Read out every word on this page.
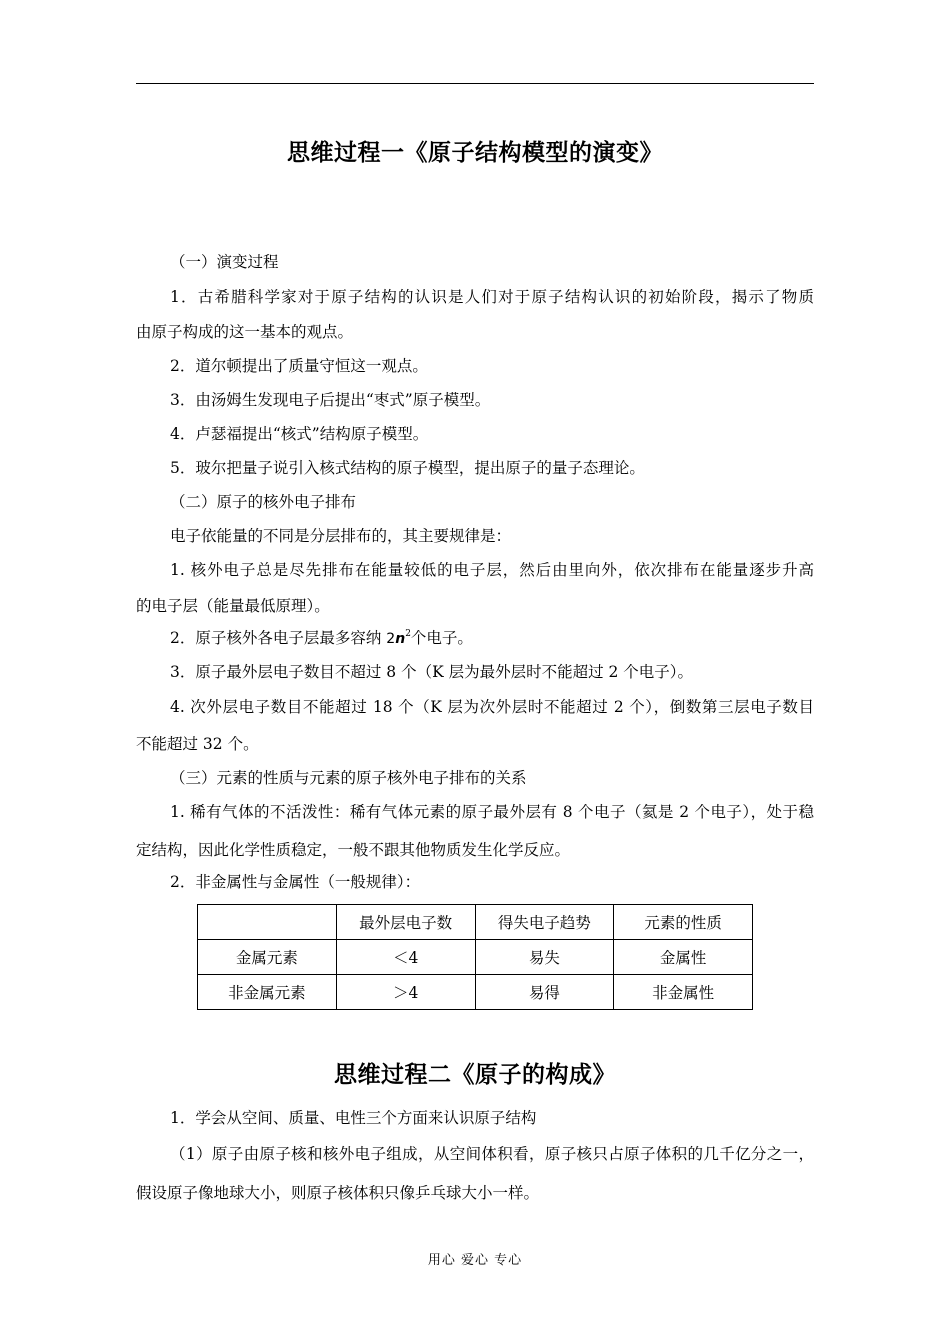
思维过程一《原子结构模型的演变》
（一）演变过程
1．古希腊科学家对于原子结构的认识是人们对于原子结构认识的初始阶段，揭示了物质
由原子构成的这一基本的观点。
2．道尔顿提出了质量守恒这一观点。
3．由汤姆生发现电子后提出“枣式”原子模型。
4．卢瑟福提出“核式”结构原子模型。
5．玻尔把量子说引入核式结构的原子模型，提出原子的量子态理论。
（二）原子的核外电子排布
电子依能量的不同是分层排布的，其主要规律是：
1. 核外电子总是尽先排布在能量较低的电子层，然后由里向外，依次排布在能量逐步升高
的电子层（能量最低原理）。
2．原子核外各电子层最多容纳 $2n^2$个电子。
3．原子最外层电子数目不超过 8 个（K 层为最外层时不能超过 2 个电子）。
4. 次外层电子数目不能超过 18 个（K 层为次外层时不能超过 2 个），倒数第三层电子数目
不能超过 32 个。
（三）元素的性质与元素的原子核外电子排布的关系
1. 稀有气体的不活泼性：稀有气体元素的原子最外层有 8 个电子（氦是 2 个电子），处于稳
定结构，因此化学性质稳定，一般不跟其他物质发生化学反应。
2．非金属性与金属性（一般规律）：
思维过程二《原子的构成》
1．学会从空间、质量、电性三个方面来认识原子结构
（1）原子由原子核和核外电子组成，从空间体积看，原子核只占原子体积的几千亿分之一，
假设原子像地球大小，则原子核体积只像乒乓球大小一样。
	最外层电子数	得失电子趋势	元素的性质
金属元素	＜4	易失	金属性
非金属元素	＞4	易得	非金属性
用心 爱心 专心
